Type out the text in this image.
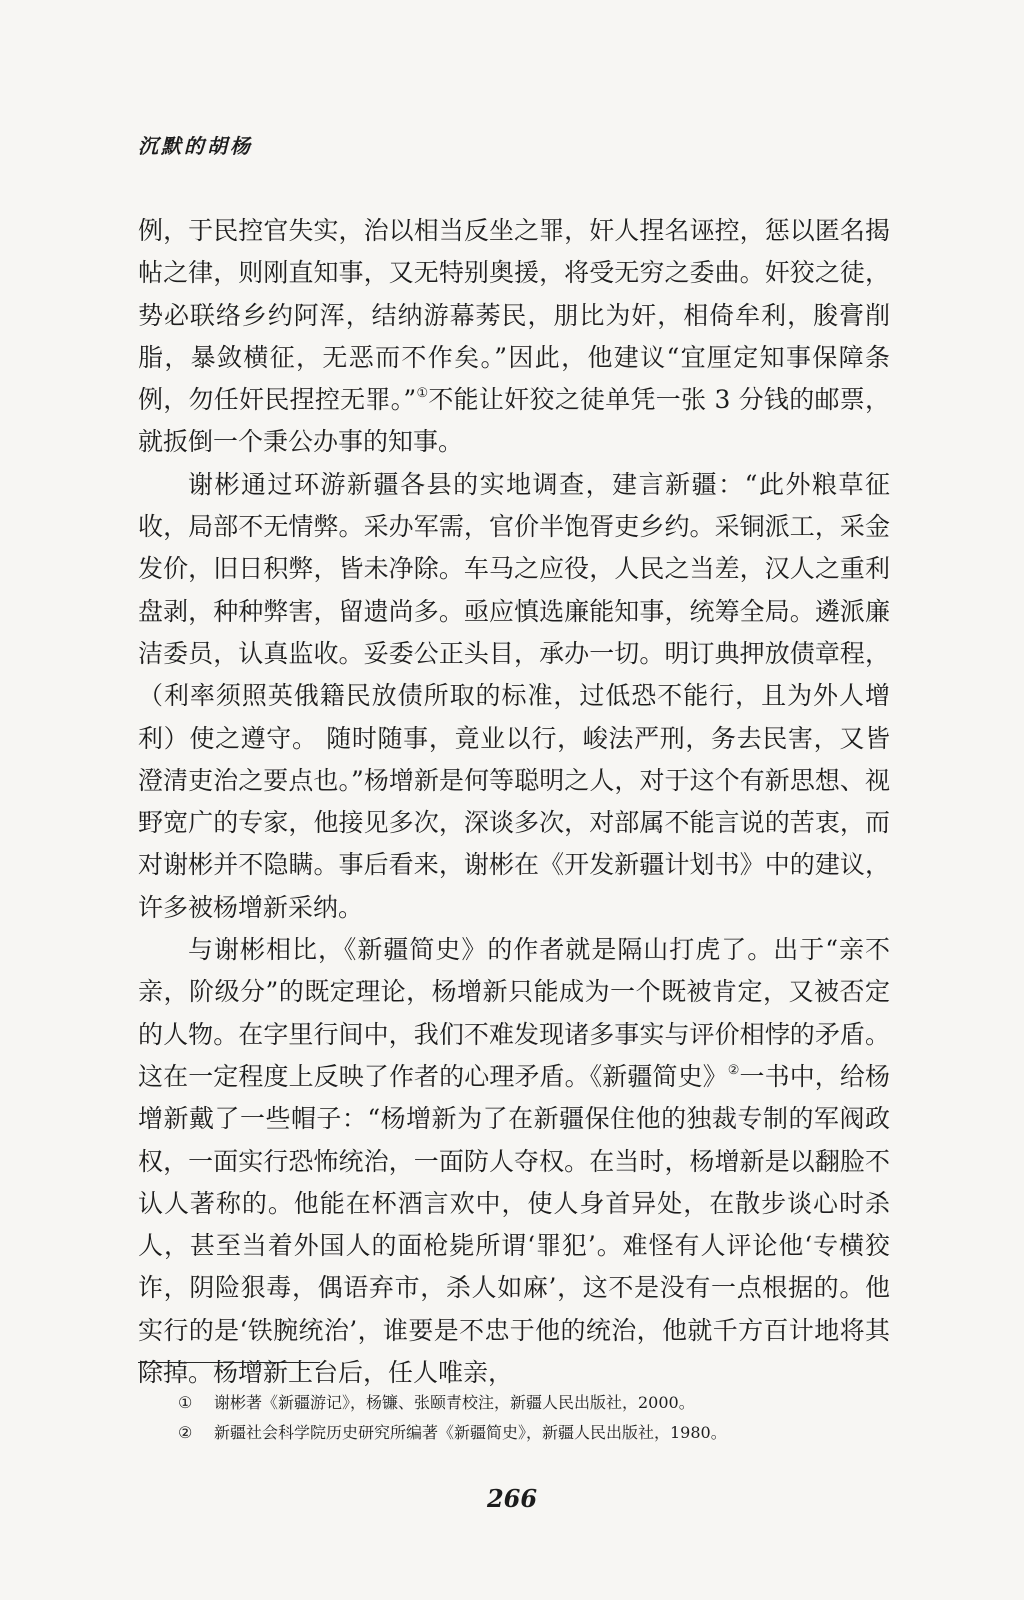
沉默的胡杨

例，于民控官失实，治以相当反坐之罪，奸人捏名诬控，惩以匿名揭帖之律，则刚直知事，又无特别奥援，将受无穷之委曲。奸狡之徒，势必联络乡约阿浑，结纳游幕莠民，朋比为奸，相倚牟利，朘膏削脂，暴敛横征，无恶而不作矣。”因此，他建议“宜厘定知事保障条例，勿任奸民捏控无罪。”①不能让奸狡之徒单凭一张 3 分钱的邮票，就扳倒一个秉公办事的知事。

谢彬通过环游新疆各县的实地调查，建言新疆：“此外粮草征收，局部不无情弊。采办军需，官价半饱胥吏乡约。采铜派工，采金发价，旧日积弊，皆未净除。车马之应役，人民之当差，汉人之重利盘剥，种种弊害，留遗尚多。亟应慎选廉能知事，统筹全局。遴派廉洁委员，认真监收。妥委公正头目，承办一切。明订典押放债章程，（利率须照英俄籍民放债所取的标准，过低恐不能行，且为外人增利）使之遵守。 随时随事，竟业以行，峻法严刑，务去民害，又皆澄清吏治之要点也。”杨增新是何等聪明之人，对于这个有新思想、视野宽广的专家，他接见多次，深谈多次，对部属不能言说的苦衷，而对谢彬并不隐瞒。事后看来，谢彬在《开发新疆计划书》中的建议，许多被杨增新采纳。

与谢彬相比，《新疆简史》的作者就是隔山打虎了。出于“亲不亲，阶级分”的既定理论，杨增新只能成为一个既被肯定，又被否定的人物。在字里行间中，我们不难发现诸多事实与评价相悖的矛盾。这在一定程度上反映了作者的心理矛盾。《新疆简史》②一书中，给杨增新戴了一些帽子：“杨增新为了在新疆保住他的独裁专制的军阀政权，一面实行恐怖统治，一面防人夺权。在当时，杨增新是以翻脸不认人著称的。他能在杯酒言欢中，使人身首异处，在散步谈心时杀人，甚至当着外国人的面枪毙所谓‘罪犯’。难怪有人评论他‘专横狡诈，阴险狠毒，偶语弃市，杀人如麻’，这不是没有一点根据的。他实行的是‘铁腕统治’，谁要是不忠于他的统治，他就千方百计地将其除掉。杨增新上台后，任人唯亲，

①	谢彬著《新疆游记》，杨镰、张颐青校注，新疆人民出版社，2000。
②	新疆社会科学院历史研究所编著《新疆简史》，新疆人民出版社，1980。
266
